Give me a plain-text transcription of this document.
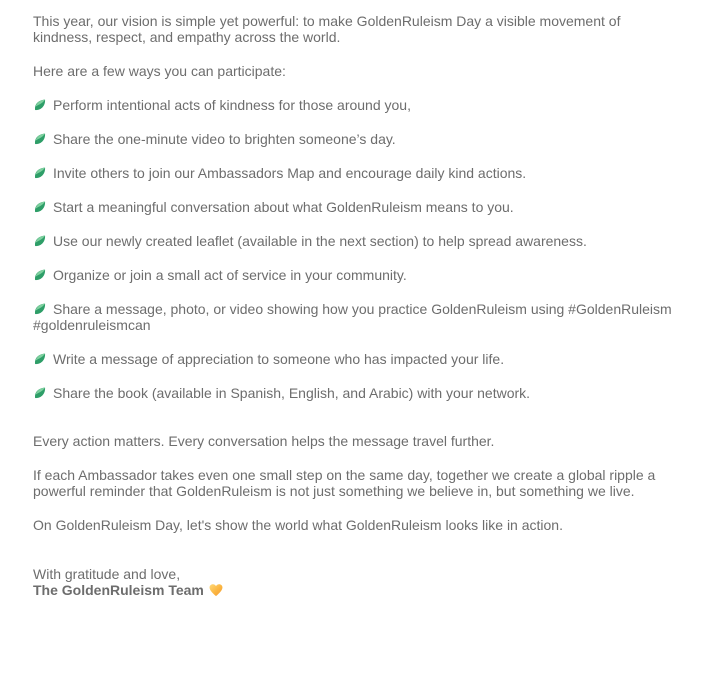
This year, our vision is simple yet powerful: to make GoldenRuleism Day a visible movement of kindness, respect, and empathy across the world.

Here are a few ways you can participate:

Perform intentional acts of kindness for those around you,

Share the one-minute video to brighten someone’s day.

Invite others to join our Ambassadors Map and encourage daily kind actions.

Start a meaningful conversation about what GoldenRuleism means to you.

Use our newly created leaflet (available in the next section) to help spread awareness.

Organize or join a small act of service in your community.

Share a message, photo, or video showing how you practice GoldenRuleism using #GoldenRuleism #goldenruleismcan

Write a message of appreciation to someone who has impacted your life.

Share the book (available in Spanish, English, and Arabic) with your network.

Every action matters. Every conversation helps the message travel further.

If each Ambassador takes even one small step on the same day, together we create a global ripple a powerful reminder that GoldenRuleism is not just something we believe in, but something we live.

On GoldenRuleism Day, let's show the world what GoldenRuleism looks like in action.

With gratitude and love,
The GoldenRuleism Team
